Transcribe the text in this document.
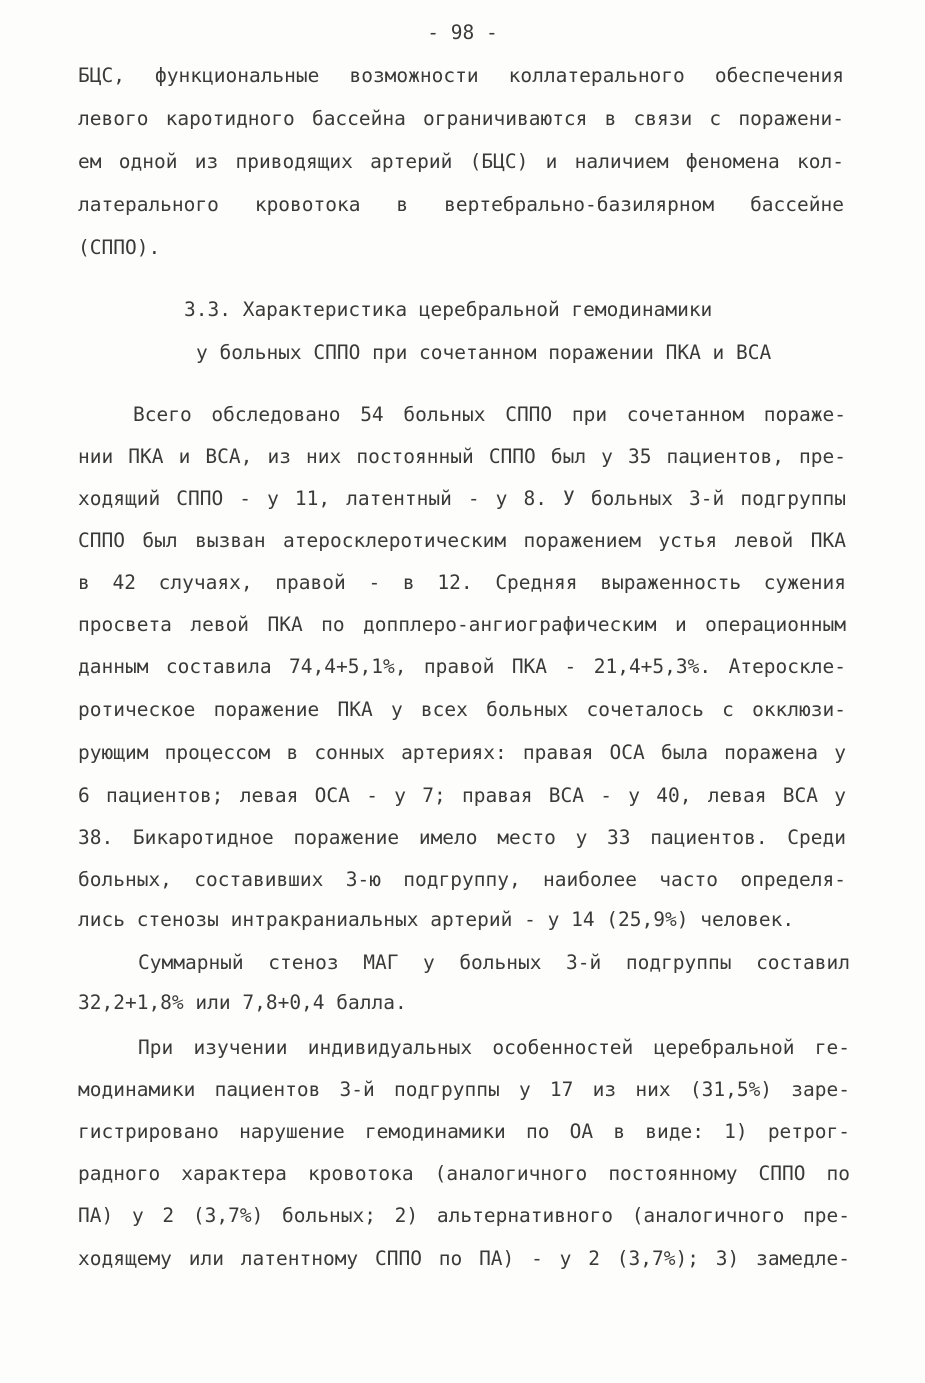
- 98 -
БЦС, функциональные возможности коллатерального обеспечения
левого каротидного бассейна ограничиваются в связи с поражени-
ем одной из приводящих артерий (БЦС) и наличием феномена кол-
латерального кровотока в вертебрально-базилярном бассейне
(СППО).
3.3. Характеристика церебральной гемодинамики
у больных СППО при сочетанном поражении ПКА и ВСА
Всего обследовано 54 больных СППО при сочетанном пораже-
нии ПКА и ВСА, из них постоянный СППО был у 35 пациентов, пре-
ходящий СППО - у 11, латентный - у 8. У больных 3-й подгруппы
СППО был вызван атеросклеротическим поражением устья левой ПКА
в 42 случаях, правой - в 12. Средняя выраженность сужения
просвета левой ПКА по допплеро-ангиографическим и операционным
данным составила 74,4+5,1%, правой ПКА - 21,4+5,3%. Атероскле-
ротическое поражение ПКА у всех больных сочеталось с окклюзи-
рующим процессом в сонных артериях: правая ОСА была поражена у
6 пациентов; левая ОСА - у 7; правая ВСА - у 40, левая ВСА у
38. Бикаротидное поражение имело место у 33 пациентов. Среди
больных, составивших 3-ю подгруппу, наиболее часто определя-
лись стенозы интракраниальных артерий - у 14 (25,9%) человек.
Суммарный стеноз МАГ у больных 3-й подгруппы составил
32,2+1,8% или 7,8+0,4 балла.
При изучении индивидуальных особенностей церебральной ге-
модинамики пациентов 3-й подгруппы у 17 из них (31,5%) заре-
гистрировано нарушение гемодинамики по ОА в виде: 1) ретрог-
радного характера кровотока (аналогичного постоянному СППО по
ПА) у 2 (3,7%) больных; 2) альтернативного (аналогичного пре-
ходящему или латентному СППО по ПА) - у 2 (3,7%); 3) замедле-
